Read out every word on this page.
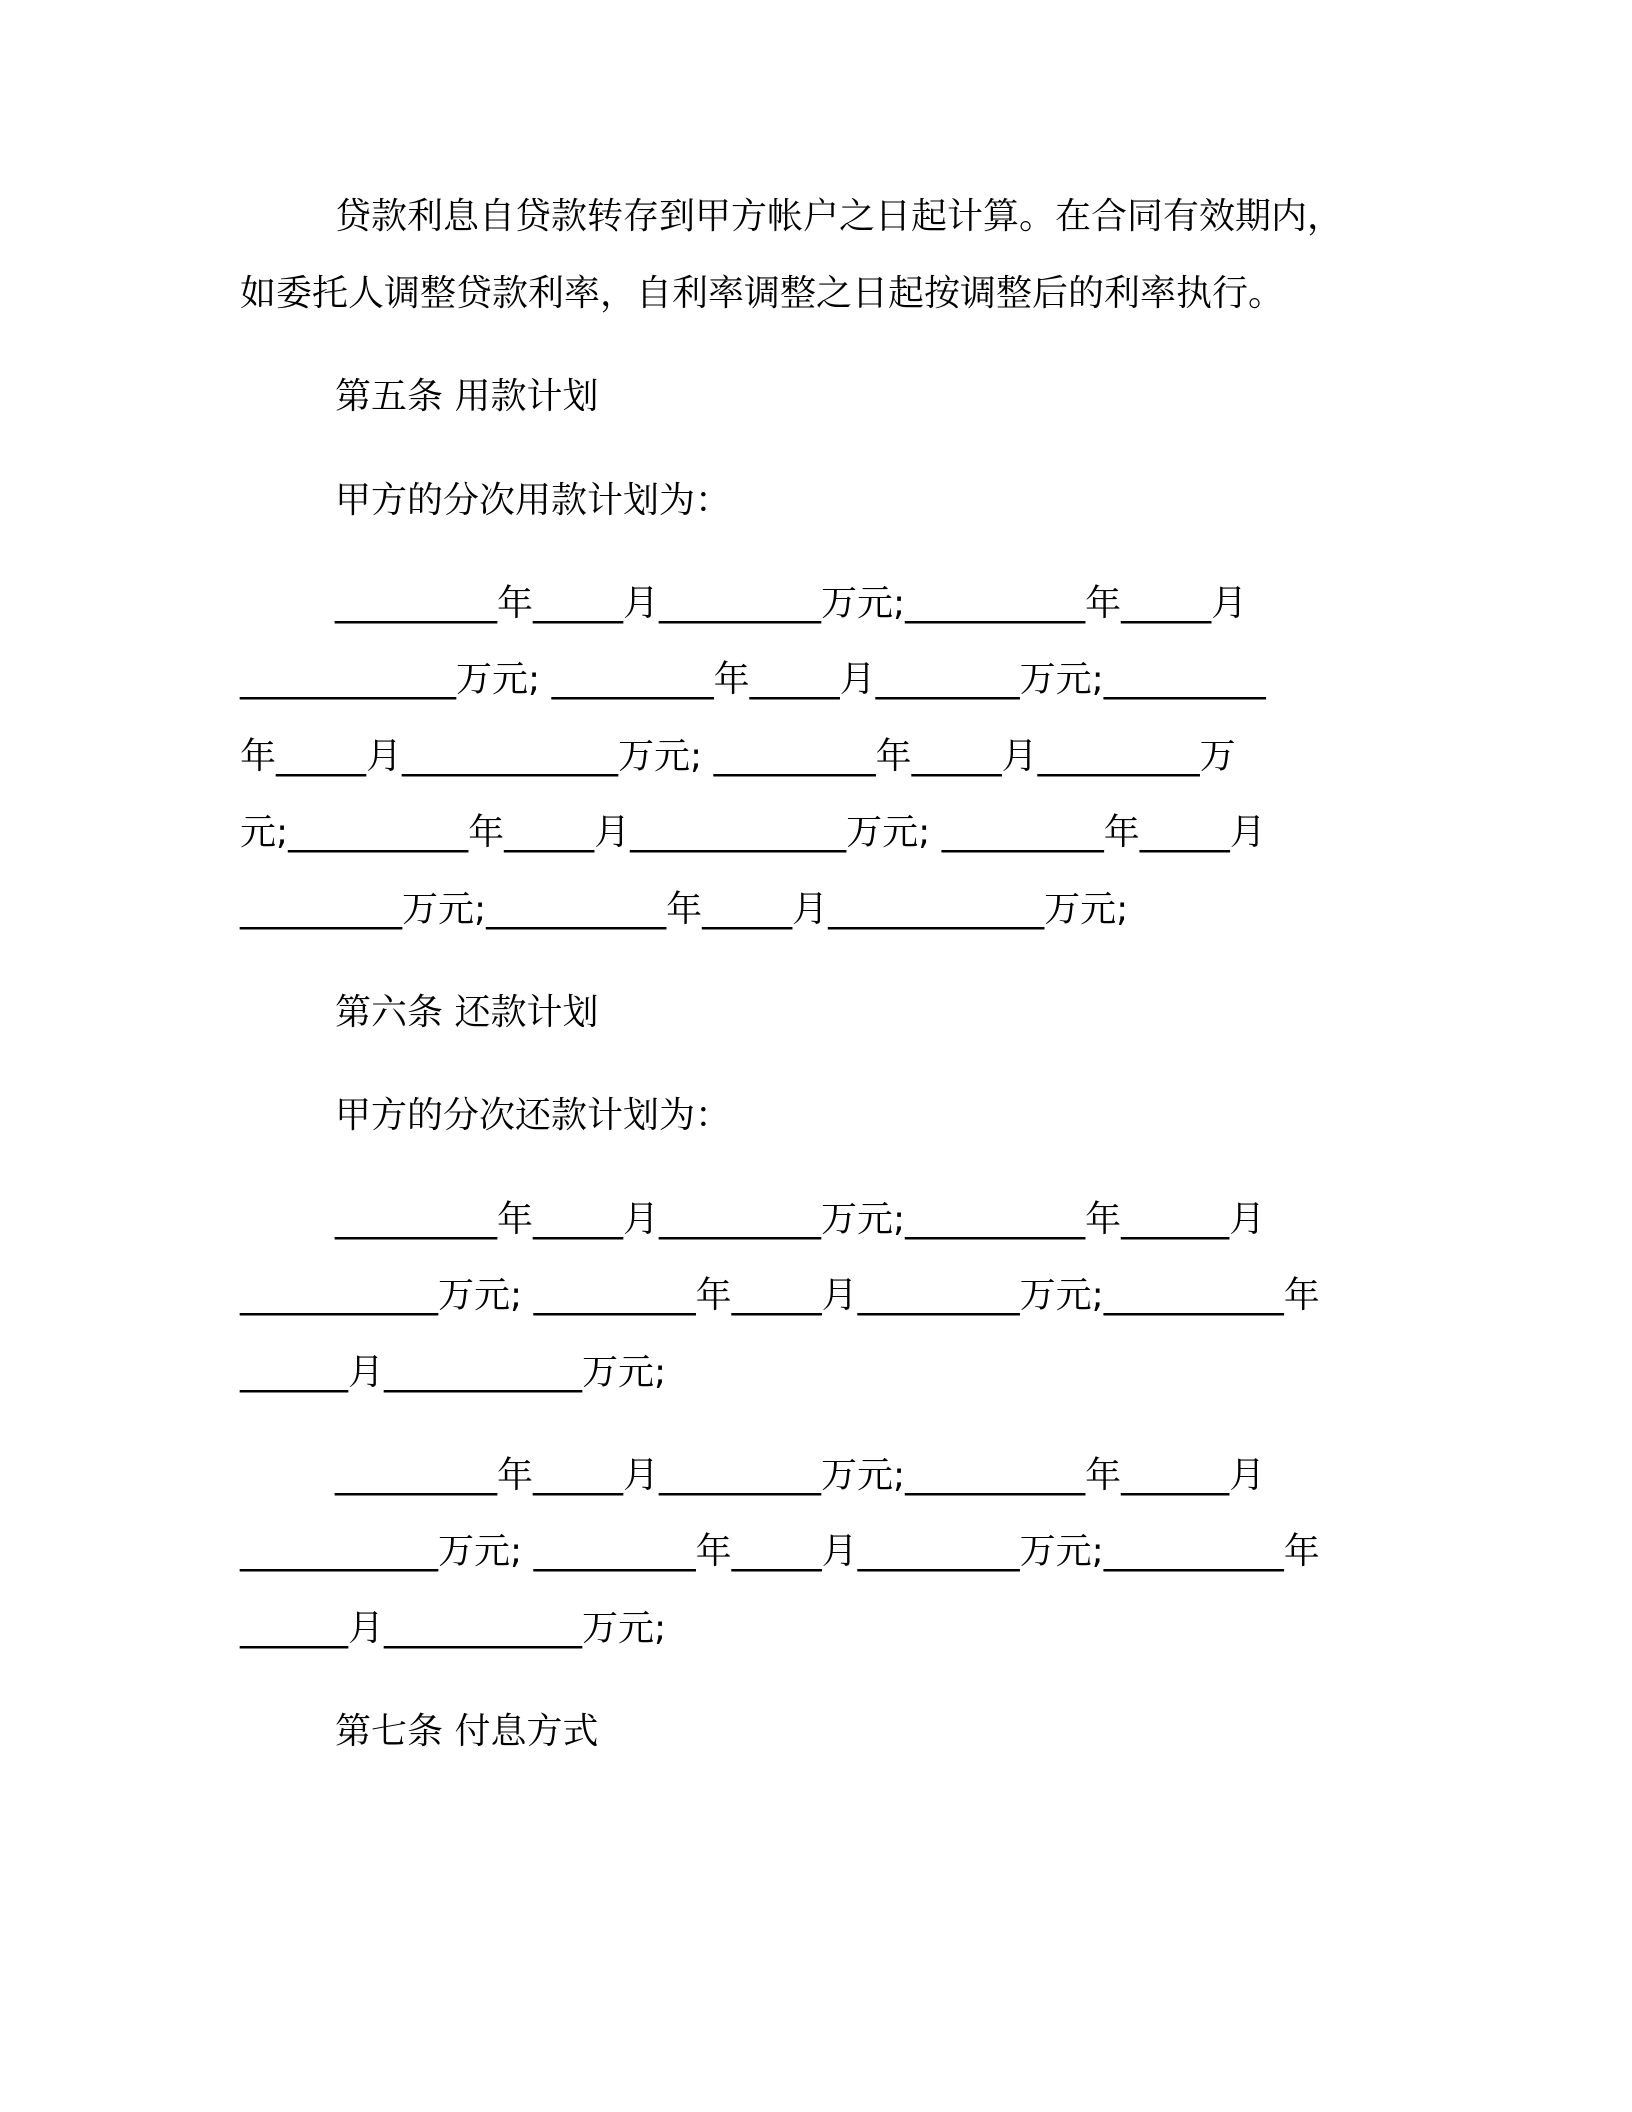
贷款利息自贷款转存到甲方帐户之日起计算。在合同有效期内，
如委托人调整贷款利率，自利率调整之日起按调整后的利率执行。
第五条 用款计划
甲方的分次用款计划为：
_________年_____月_________万元;__________年_____月
____________万元; _________年_____月________万元;_________
年_____月____________万元; _________年_____月_________万
元;__________年_____月____________万元; _________年_____月
_________万元;__________年_____月____________万元;
第六条 还款计划
甲方的分次还款计划为：
_________年_____月_________万元;__________年______月
___________万元; _________年_____月_________万元;__________年
______月___________万元;
_________年_____月_________万元;__________年______月
___________万元; _________年_____月_________万元;__________年
______月___________万元;
第七条 付息方式
